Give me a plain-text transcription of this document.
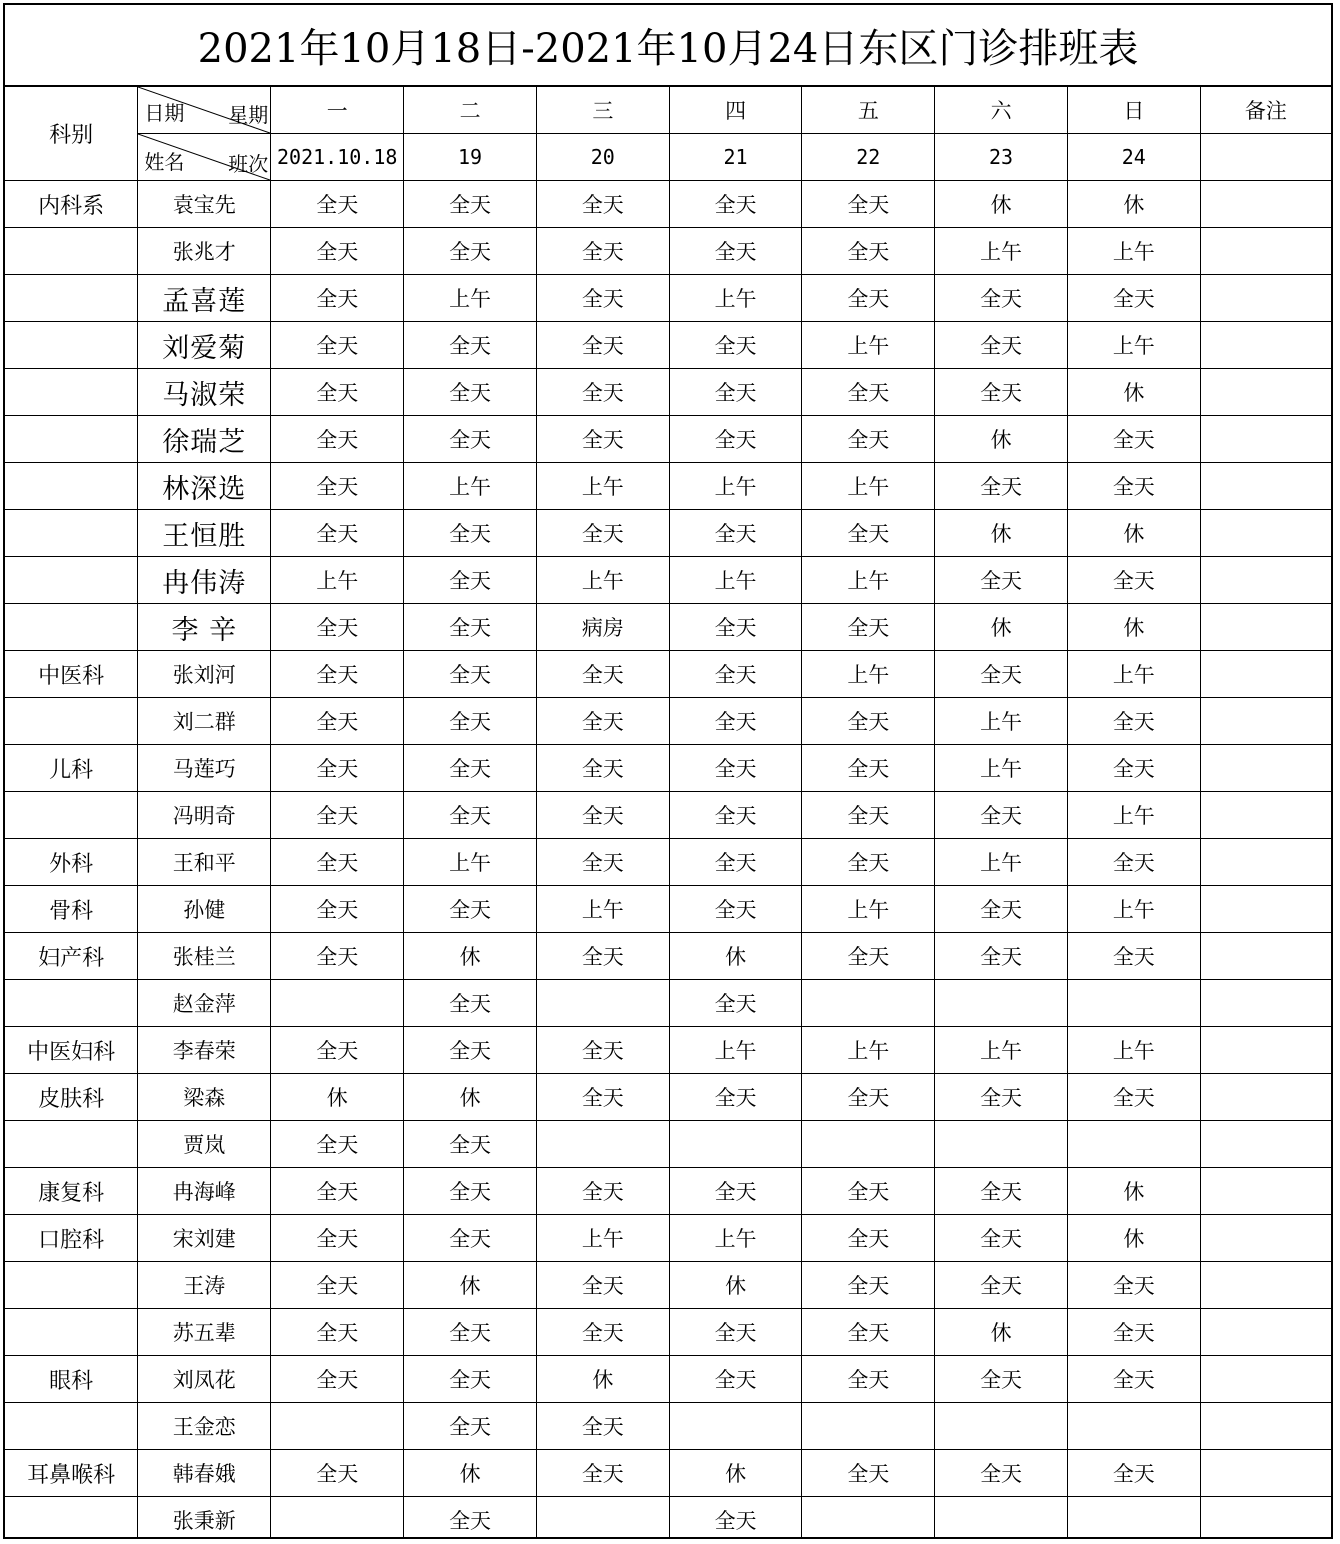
2021年10月18日-2021年10月24日东区门诊排班表
科别	日期 星期	一	二	三	四	五	六	日	备注

	姓名 班次	2021.10.18	19	20	21	22	23	24	
内科系	袁宝先	全天	全天	全天	全天	全天	休	休	
	张兆才	全天	全天	全天	全天	全天	上午	上午	
	孟喜莲	全天	上午	全天	上午	全天	全天	全天	
	刘爱菊	全天	全天	全天	全天	上午	全天	上午	
	马淑荣	全天	全天	全天	全天	全天	全天	休	
	徐瑞芝	全天	全天	全天	全天	全天	休	全天	
	林深选	全天	上午	上午	上午	上午	全天	全天	
	王恒胜	全天	全天	全天	全天	全天	休	休	
	冉伟涛	上午	全天	上午	上午	上午	全天	全天	
	李 辛	全天	全天	病房	全天	全天	休	休	
中医科	张刘河	全天	全天	全天	全天	上午	全天	上午	
	刘二群	全天	全天	全天	全天	全天	上午	全天	
儿科	马莲巧	全天	全天	全天	全天	全天	上午	全天	
	冯明奇	全天	全天	全天	全天	全天	全天	上午	
外科	王和平	全天	上午	全天	全天	全天	上午	全天	
骨科	孙健	全天	全天	上午	全天	上午	全天	上午	
妇产科	张桂兰	全天	休	全天	休	全天	全天	全天	
	赵金萍		全天		全天				
中医妇科	李春荣	全天	全天	全天	上午	上午	上午	上午	
皮肤科	梁森	休	休	全天	全天	全天	全天	全天	
	贾岚	全天	全天						
康复科	冉海峰	全天	全天	全天	全天	全天	全天	休	
口腔科	宋刘建	全天	全天	上午	上午	全天	全天	休	
	王涛	全天	休	全天	休	全天	全天	全天	
	苏五辈	全天	全天	全天	全天	全天	休	全天	
眼科	刘凤花	全天	全天	休	全天	全天	全天	全天	
	王金恋		全天	全天					
耳鼻喉科	韩春娥	全天	休	全天	休	全天	全天	全天	
	张秉新		全天		全天				
